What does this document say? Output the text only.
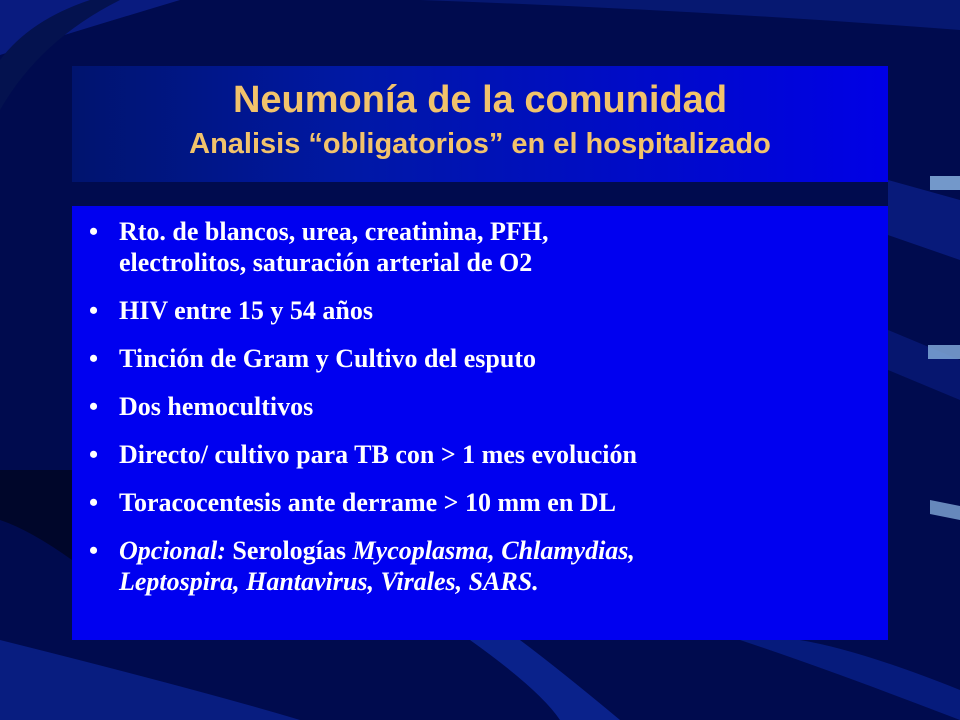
Neumonía de la comunidad
Analisis “obligatorios” en el hospitalizado
• Rto. de blancos, urea, creatinina, PFH,
electrolitos, saturación arterial de O2
• HIV entre 15 y 54 años
• Tinción de Gram y Cultivo del esputo
• Dos hemocultivos
• Directo/ cultivo para TB con > 1 mes evolución
• Toracocentesis ante derrame > 10 mm en DL
• Opcional: Serologías Mycoplasma, Chlamydias,
Leptospira, Hantavirus, Virales, SARS.
